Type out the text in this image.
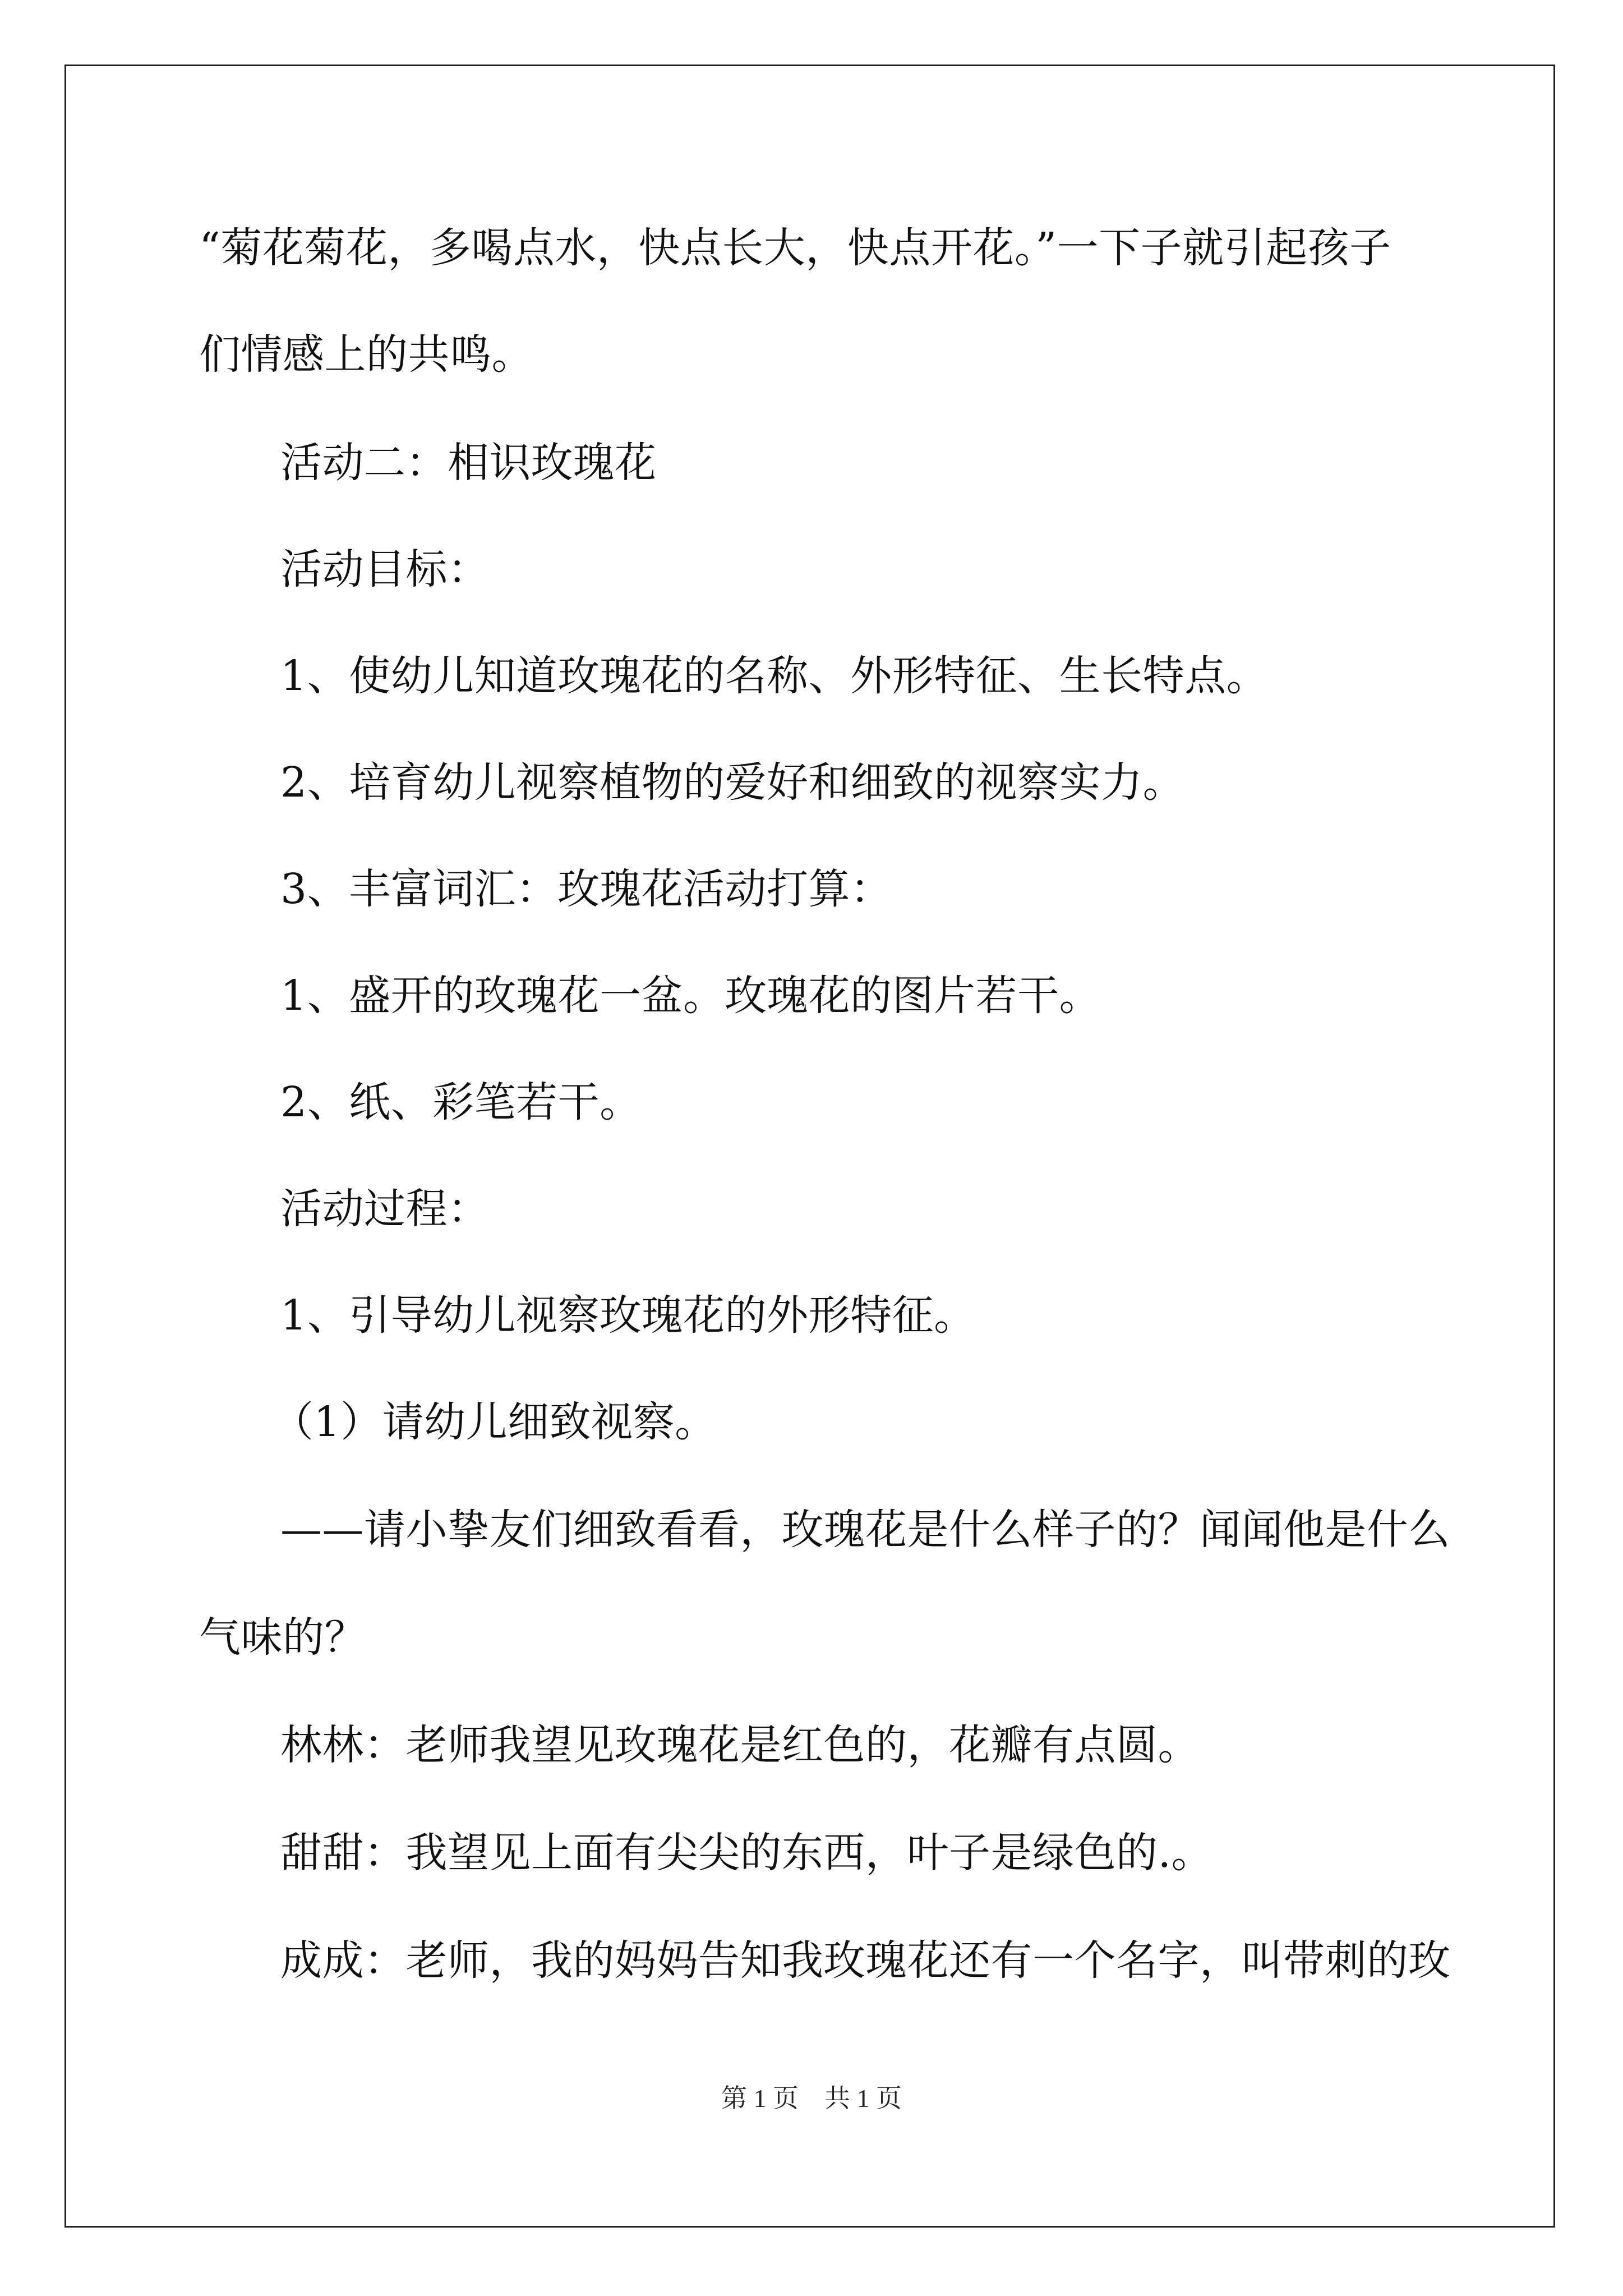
“菊花菊花，多喝点水，快点长大，快点开花。”一下子就引起孩子
们情感上的共鸣。
活动二：相识玫瑰花
活动目标：
1、使幼儿知道玫瑰花的名称、外形特征、生长特点。
2、培育幼儿视察植物的爱好和细致的视察实力。
3、丰富词汇：玫瑰花活动打算：
1、盛开的玫瑰花一盆。玫瑰花的图片若干。
2、纸、彩笔若干。
活动过程：
1、引导幼儿视察玫瑰花的外形特征。
（1）请幼儿细致视察。
——请小挚友们细致看看，玫瑰花是什么样子的？闻闻他是什么
气味的？
林林：老师我望见玫瑰花是红色的，花瓣有点圆。
甜甜：我望见上面有尖尖的东西，叶子是绿色的.。
成成：老师，我的妈妈告知我玫瑰花还有一个名字，叫带刺的玫
第 1 页　共 1 页
